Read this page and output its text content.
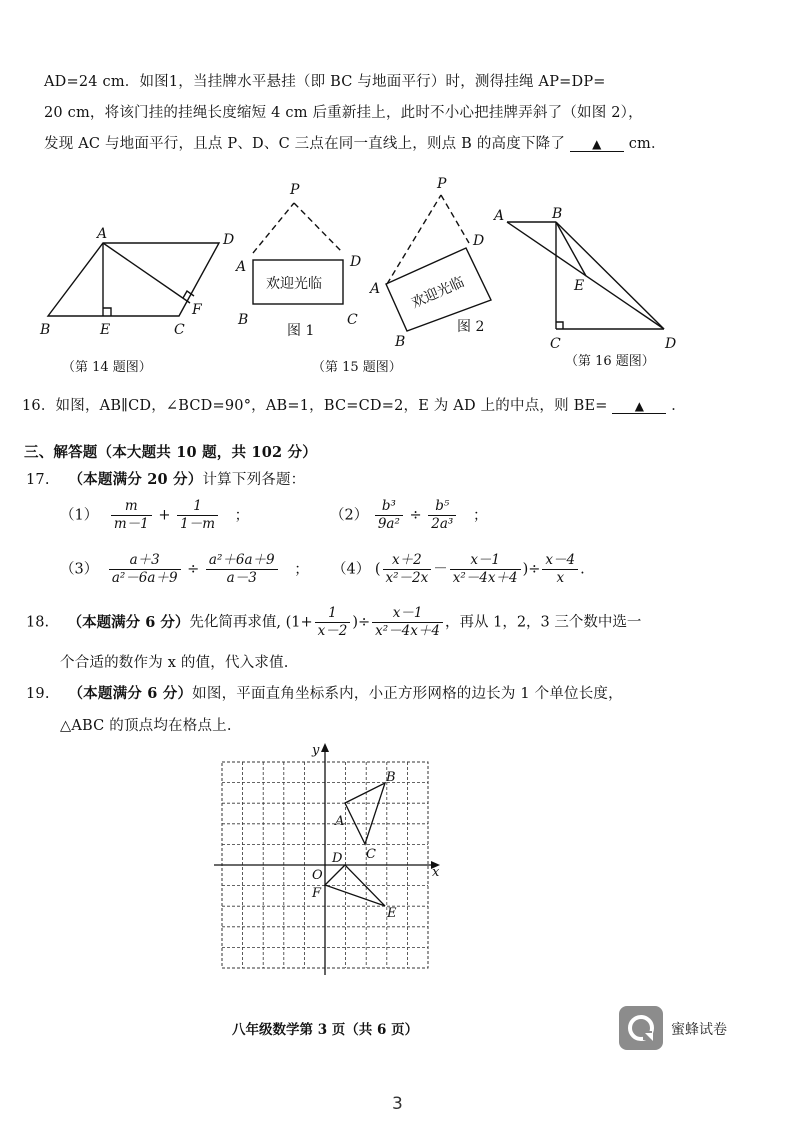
AD=24 cm．如图1，当挂牌水平悬挂（即 BC 与地面平行）时，测得挂绳 AP=DP=
20 cm，将该门挂的挂绳长度缩短 4 cm 后重新挂上，此时不小心把挂牌弄斜了（如图 2），
发现 AC 与地面平行，且点 P、D、C 三点在同一直线上，则点 B 的高度下降了 ▲ cm．
A	D
B	E	C
F
P
A	D
B	C
P
D
A
B
A	B
E
C	D
欢迎光临	欢迎光临
图 1	图 2
（第 14 题图）	（第 15 题图）	（第 16 题图）
16．如图，AB∥CD，∠BCD=90°，AB=1，BC=CD=2，E 为 AD 上的中点，则 BE= ▲ ．
三、解答题（本大题共 10 题，共 102 分）
17. （本题满分 20 分）计算下列各题：
$(1) \frac{m}{m-1} + \frac{1}{1-m}$ ；	$(2) \frac{\text{b³}}{\text{9a²}} \div \frac{\text{b⁵}}{\text{2a³}}$ ；
$(3) \frac{a+3}{\text{a²－6a＋9}} \div \frac{\text{a²＋6a＋9}}{a-3}$ ； （4） ( $\frac{x+2}{\text{x²－2x}} - \frac{x-1}{\text{x²－4x＋4}}$ )÷ $\frac{x-4}{x}$ .
18. （本题满分 6 分）先化简再求值, ($1+ \frac{1}{x-2}$ )÷ $\frac{x-1}{\text{x²－4x＋4}}$ ，再从 1，2，3 三个数中选一
个合适的数作为 x 的值，代入求值.
19. （本题满分 6 分）如图，平面直角坐标系内，小正方形网格的边长为 1 个单位长度，
△ABC 的顶点均在格点上.
y
x
O
A
B
C
D
E
F
八年级数学第 3 页（共 6 页）	蜜蜂试卷
3
